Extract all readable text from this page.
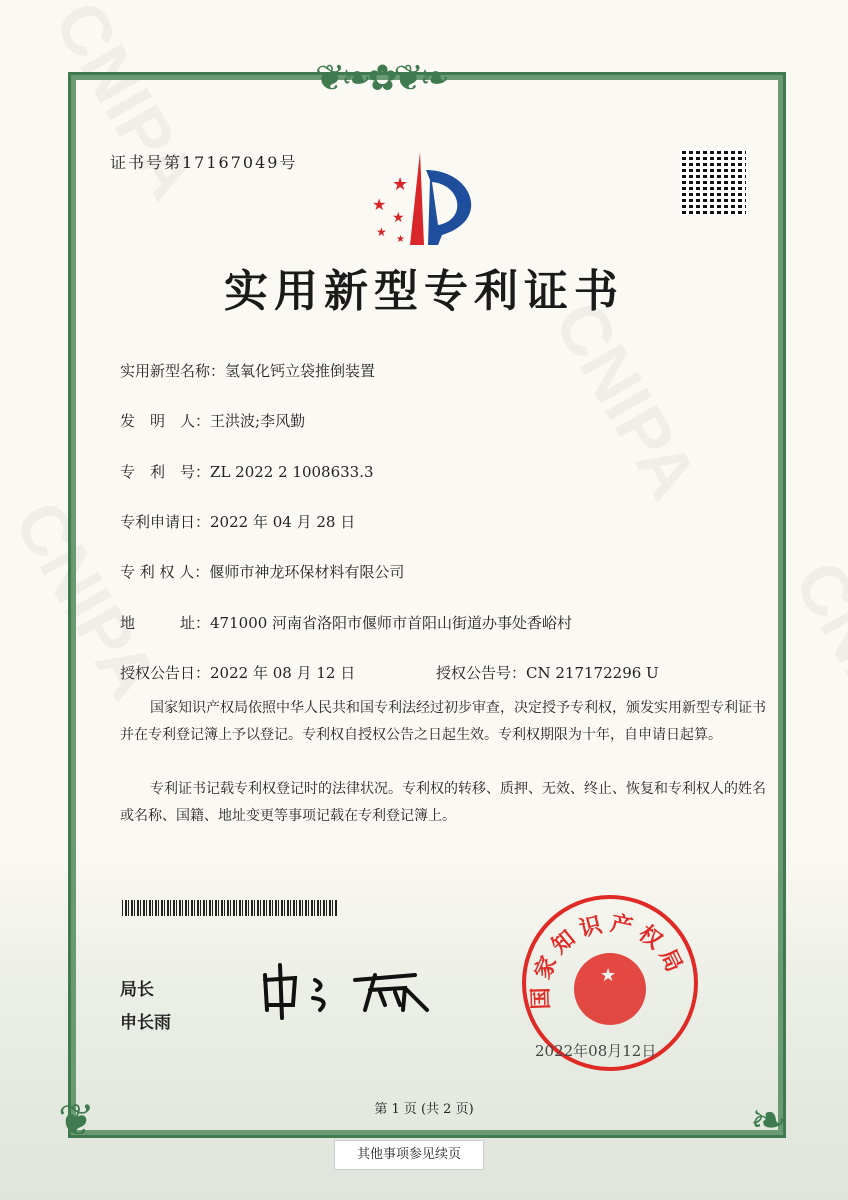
❦❧✿❦❧
❦	❧
证书号第17167049号
★
★
★
★
★
实用新型专利证书
实用新型名称：氢氧化钙立袋推倒装置
发　明　人：王洪波;李风勤
专　利　号：ZL 2022 2 1008633.3
专利申请日：2022 年 04 月 28 日
专 利 权 人：偃师市神龙环保材料有限公司
地　　　址：471000 河南省洛阳市偃师市首阳山街道办事处香峪村
授权公告日：2022 年 08 月 12 日	授权公告号：CN 217172296 U
国家知识产权局依照中华人民共和国专利法经过初步审查，决定授予专利权，颁发实用新型专利证书并在专利登记簿上予以登记。专利权自授权公告之日起生效。专利权期限为十年，自申请日起算。
专利证书记载专利权登记时的法律状况。专利权的转移、质押、无效、终止、恢复和专利权人的姓名或名称、国籍、地址变更等事项记载在专利登记簿上。
局长
申长雨
国家知识产权局
★
2022年08月12日
第 1 页 (共 2 页)
其他事项参见续页
